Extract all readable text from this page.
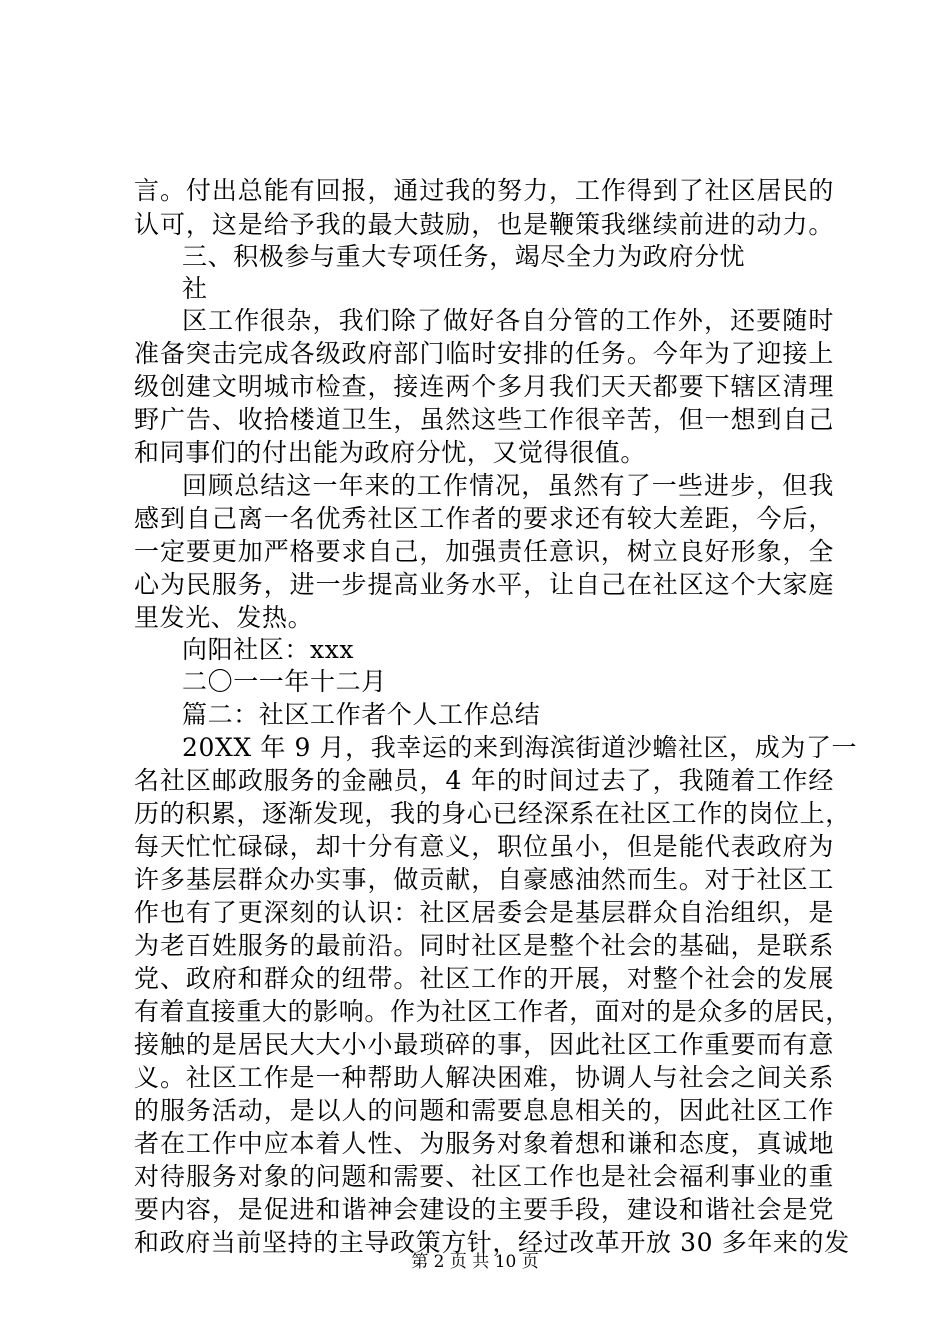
言。付出总能有回报，通过我的努力，工作得到了社区居民的
认可，这是给予我的最大鼓励，也是鞭策我继续前进的动力。
三、积极参与重大专项任务，竭尽全力为政府分忧
社
区工作很杂，我们除了做好各自分管的工作外，还要随时
准备突击完成各级政府部门临时安排的任务。今年为了迎接上
级创建文明城市检查，接连两个多月我们天天都要下辖区清理
野广告、收拾楼道卫生，虽然这些工作很辛苦，但一想到自己
和同事们的付出能为政府分忧，又觉得很值。
回顾总结这一年来的工作情况，虽然有了一些进步，但我
感到自己离一名优秀社区工作者的要求还有较大差距，今后，
一定要更加严格要求自己，加强责任意识，树立良好形象，全
心为民服务，进一步提高业务水平，让自己在社区这个大家庭
里发光、发热。
向阳社区：xxx
二〇一一年十二月
篇二：社区工作者个人工作总结
20XX 年 9 月，我幸运的来到海滨街道沙蟾社区，成为了一
名社区邮政服务的金融员，4 年的时间过去了，我随着工作经
历的积累，逐渐发现，我的身心已经深系在社区工作的岗位上，
每天忙忙碌碌，却十分有意义，职位虽小，但是能代表政府为
许多基层群众办实事，做贡献，自豪感油然而生。对于社区工
作也有了更深刻的认识：社区居委会是基层群众自治组织，是
为老百姓服务的最前沿。同时社区是整个社会的基础，是联系
党、政府和群众的纽带。社区工作的开展，对整个社会的发展
有着直接重大的影响。作为社区工作者，面对的是众多的居民，
接触的是居民大大小小最琐碎的事，因此社区工作重要而有意
义。社区工作是一种帮助人解决困难，协调人与社会之间关系
的服务活动，是以人的问题和需要息息相关的，因此社区工作
者在工作中应本着人性、为服务对象着想和谦和态度，真诚地
对待服务对象的问题和需要、社区工作也是社会福利事业的重
要内容，是促进和谐神会建设的主要手段，建设和谐社会是党
和政府当前坚持的主导政策方针，经过改革开放 30 多年来的发
第 2 页 共 10 页
